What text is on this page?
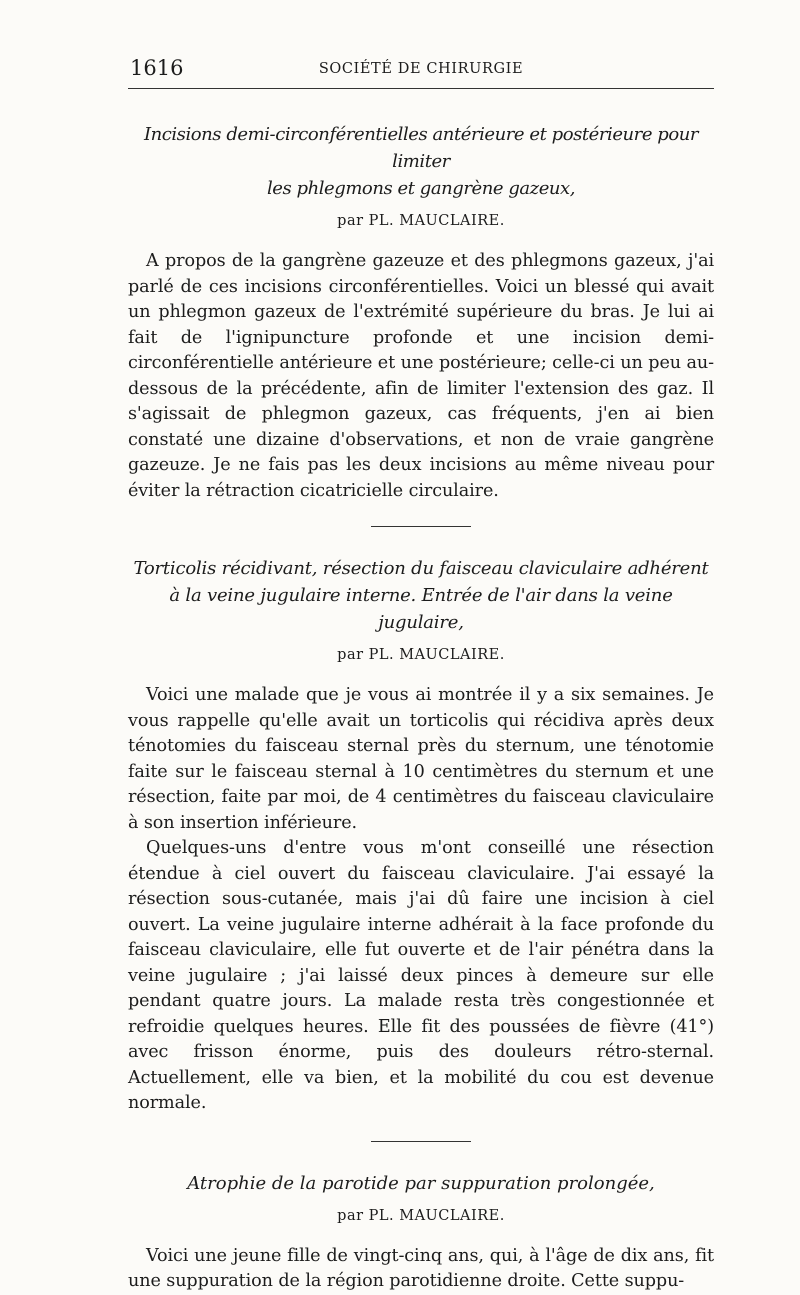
1616	SOCIÉTÉ DE CHIRURGIE
Incisions demi-circonférentielles antérieure et postérieure pour limiter
les phlegmons et gangrène gazeux,

par PL. MAUCLAIRE.

A propos de la gangrène gazeuze et des phlegmons gazeux, j'ai parlé de ces incisions circonférentielles. Voici un blessé qui avait un phlegmon gazeux de l'extrémité supérieure du bras. Je lui ai fait de l'ignipuncture profonde et une incision demi-circonférentielle antérieure et une postérieure; celle-ci un peu au-dessous de la précédente, afin de limiter l'extension des gaz. Il s'agissait de phlegmon gazeux, cas fréquents, j'en ai bien constaté une dizaine d'observations, et non de vraie gangrène gazeuze. Je ne fais pas les deux incisions au même niveau pour éviter la rétraction cicatricielle circulaire.

Torticolis récidivant, résection du faisceau claviculaire adhérent
à la veine jugulaire interne. Entrée de l'air dans la veine jugulaire,

par PL. MAUCLAIRE.

Voici une malade que je vous ai montrée il y a six semaines. Je vous rappelle qu'elle avait un torticolis qui récidiva après deux ténotomies du faisceau sternal près du sternum, une ténotomie faite sur le faisceau sternal à 10 centimètres du sternum et une résection, faite par moi, de 4 centimètres du faisceau claviculaire à son insertion inférieure.

Quelques-uns d'entre vous m'ont conseillé une résection étendue à ciel ouvert du faisceau claviculaire. J'ai essayé la résection sous-cutanée, mais j'ai dû faire une incision à ciel ouvert. La veine jugulaire interne adhérait à la face profonde du faisceau claviculaire, elle fut ouverte et de l'air pénétra dans la veine jugulaire ; j'ai laissé deux pinces à demeure sur elle pendant quatre jours. La malade resta très congestionnée et refroidie quelques heures. Elle fit des poussées de fièvre (41°) avec frisson énorme, puis des douleurs rétro-sternal. Actuellement, elle va bien, et la mobilité du cou est devenue normale.

Atrophie de la parotide par suppuration prolongée,

par PL. MAUCLAIRE.

Voici une jeune fille de vingt-cinq ans, qui, à l'âge de dix ans, fit une suppuration de la région parotidienne droite. Cette suppu-
